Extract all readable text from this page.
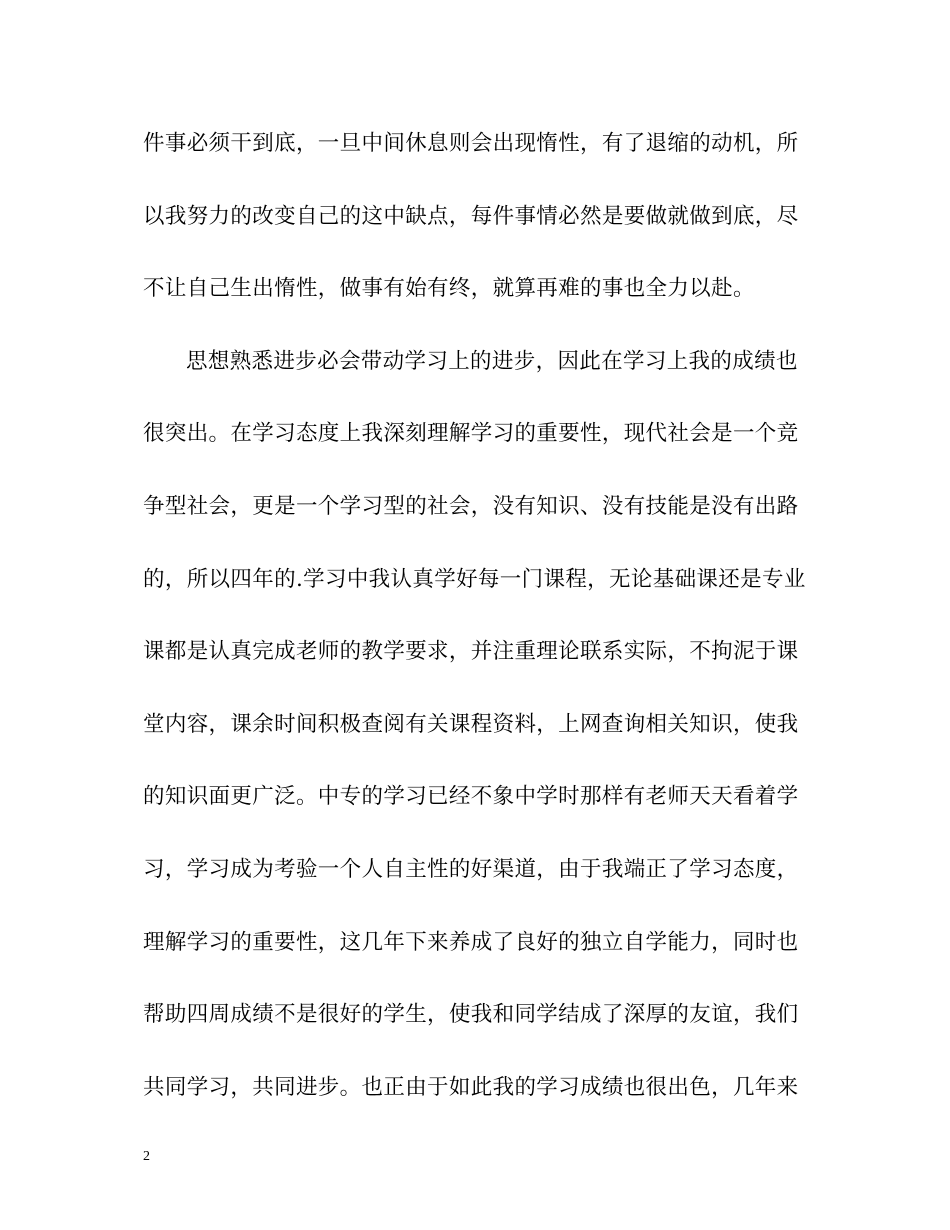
件事必须干到底，一旦中间休息则会出现惰性，有了退缩的动机，所
以我努力的改变自己的这中缺点，每件事情必然是要做就做到底，尽
不让自己生出惰性，做事有始有终，就算再难的事也全力以赴。
思想熟悉进步必会带动学习上的进步，因此在学习上我的成绩也
很突出。在学习态度上我深刻理解学习的重要性，现代社会是一个竞
争型社会，更是一个学习型的社会，没有知识、没有技能是没有出路
的，所以四年的.学习中我认真学好每一门课程，无论基础课还是专业
课都是认真完成老师的教学要求，并注重理论联系实际，不拘泥于课
堂内容，课余时间积极查阅有关课程资料，上网查询相关知识，使我
的知识面更广泛。中专的学习已经不象中学时那样有老师天天看着学
习，学习成为考验一个人自主性的好渠道，由于我端正了学习态度，
理解学习的重要性，这几年下来养成了良好的独立自学能力，同时也
帮助四周成绩不是很好的学生，使我和同学结成了深厚的友谊，我们
共同学习，共同进步。也正由于如此我的学习成绩也很出色，几年来
2
